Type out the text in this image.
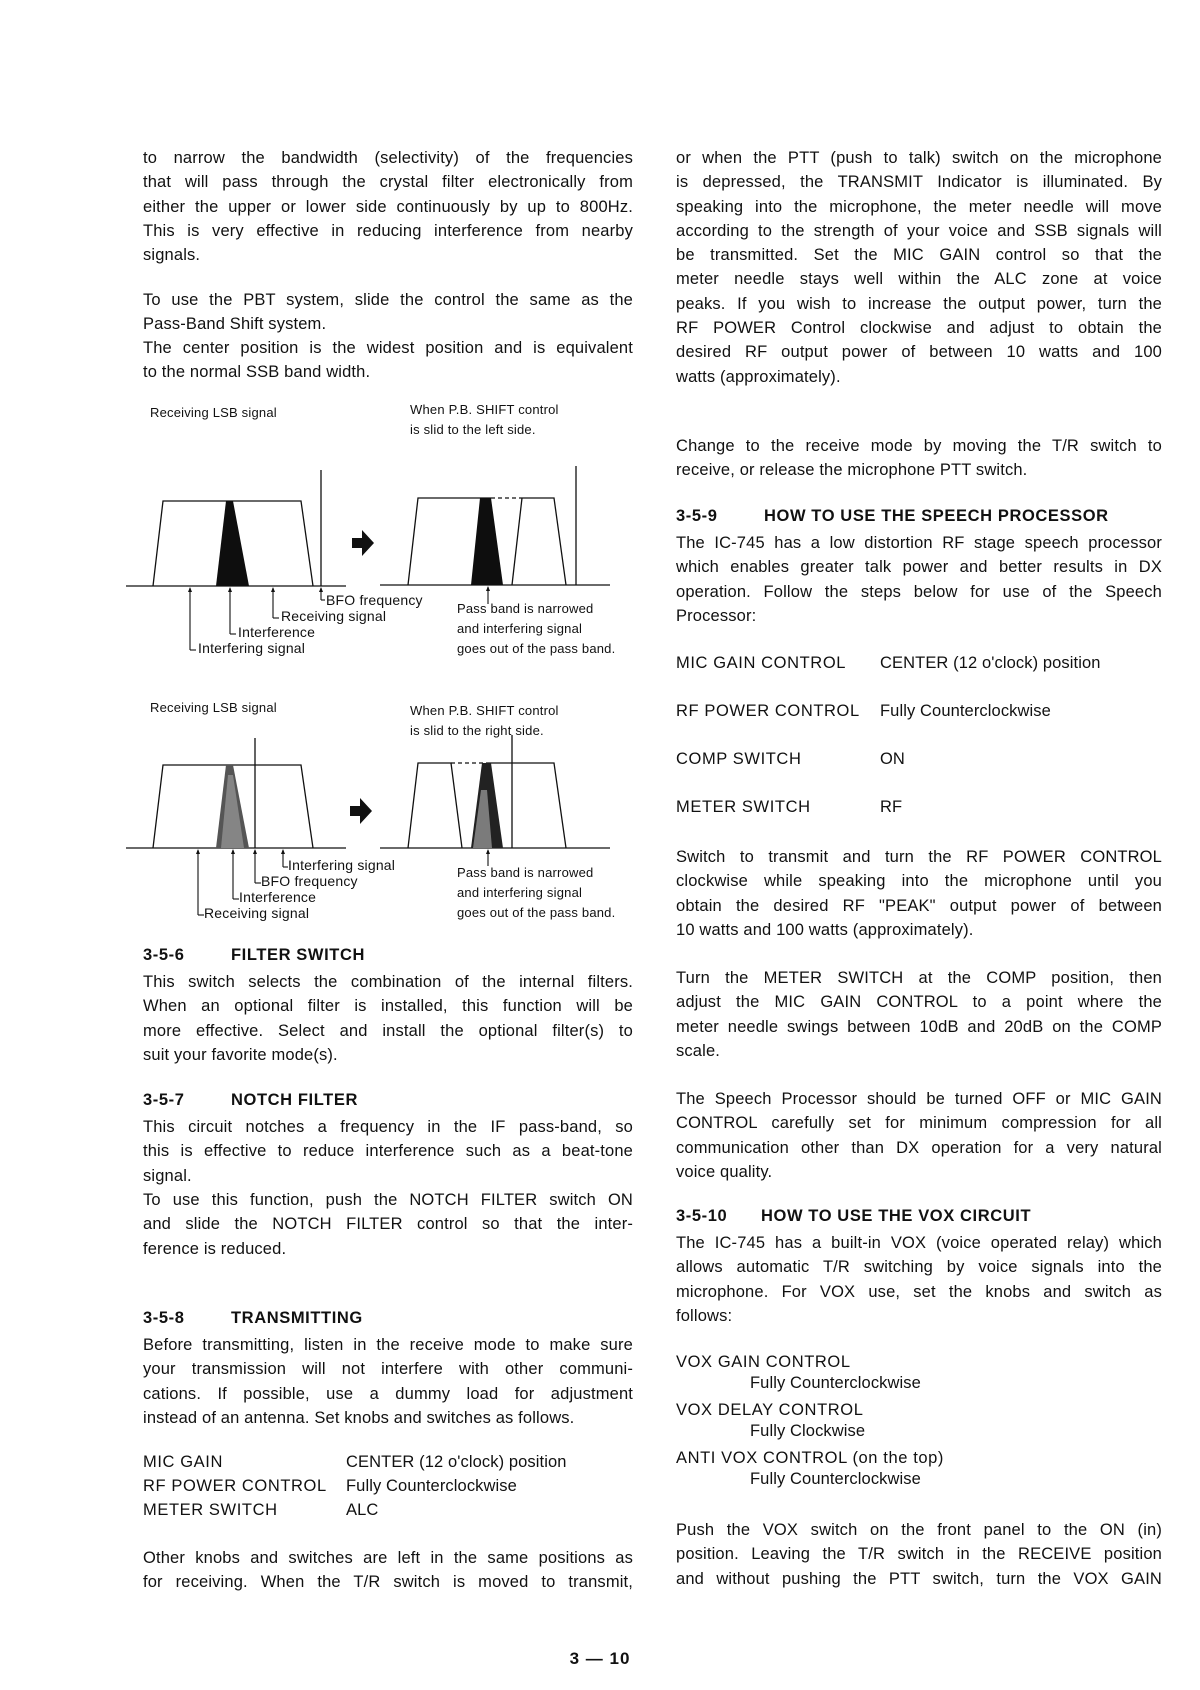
to narrow the bandwidth (selectivity) of the frequencies
that will pass through the crystal filter electronically from
either the upper or lower side continuously by up to 800Hz.
This is very effective in reducing interference from nearby
signals.

To use the PBT system, slide the control the same as the
Pass-Band Shift system.

The center position is the widest position and is equivalent
to the normal SSB band width.

Receiving LSB signal	When P.B. SHIFT control
is slid to the left side.
BFO frequency
Receiving signal
Interference
Interfering signal
Pass band is narrowed
and interfering signal
goes out of the pass band.
Receiving LSB signal	When P.B. SHIFT control
is slid to the right side.
Interfering signal
BFO frequency
Interference
Receiving signal
Pass band is narrowed
and interfering signal
goes out of the pass band.
3-5-6	FILTER SWITCH

This switch selects the combination of the internal filters.
When an optional filter is installed, this function will be
more effective. Select and install the optional filter(s) to
suit your favorite mode(s).

3-5-7	NOTCH FILTER

This circuit notches a frequency in the IF pass-band, so
this is effective to reduce interference such as a beat-tone
signal.

To use this function, push the NOTCH FILTER switch ON
and slide the NOTCH FILTER control so that the inter-
ference is reduced.

3-5-8	TRANSMITTING

Before transmitting, listen in the receive mode to make sure
your transmission will not interfere with other communi-
cations. If possible, use a dummy load for adjustment
instead of an antenna. Set knobs and switches as follows.

MIC GAIN	CENTER (12 o'clock) position
RF POWER CONTROL Fully Counterclockwise
METER SWITCH	ALC

Other knobs and switches are left in the same positions as
for receiving. When the T/R switch is moved to transmit,

or when the PTT (push to talk) switch on the microphone
is depressed, the TRANSMIT Indicator is illuminated. By
speaking into the microphone, the meter needle will move
according to the strength of your voice and SSB signals will
be transmitted. Set the MIC GAIN control so that the
meter needle stays well within the ALC zone at voice
peaks. If you wish to increase the output power, turn the
RF POWER Control clockwise and adjust to obtain the
desired RF output power of between 10 watts and 100
watts (approximately).

Change to the receive mode by moving the T/R switch to
receive, or release the microphone PTT switch.

3-5-9	HOW TO USE THE SPEECH PROCESSOR

The IC-745 has a low distortion RF stage speech processor
which enables greater talk power and better results in DX
operation. Follow the steps below for use of the Speech
Processor:

MIC GAIN CONTROL CENTER (12 o'clock) position
RF POWER CONTROL Fully Counterclockwise
COMP SWITCH	ON
METER SWITCH	RF

Switch to transmit and turn the RF POWER CONTROL
clockwise while speaking into the microphone until you
obtain the desired RF "PEAK" output power of between
10 watts and 100 watts (approximately).

Turn the METER SWITCH at the COMP position, then
adjust the MIC GAIN CONTROL to a point where the
meter needle swings between 10dB and 20dB on the COMP
scale.

The Speech Processor should be turned OFF or MIC GAIN
CONTROL carefully set for minimum compression for all
communication other than DX operation for a very natural
voice quality.

3-5-10 HOW TO USE THE VOX CIRCUIT

The IC-745 has a built-in VOX (voice operated relay) which
allows automatic T/R switching by voice signals into the
microphone. For VOX use, set the knobs and switch as
follows:

VOX GAIN CONTROL
Fully Counterclockwise
VOX DELAY CONTROL
Fully Clockwise
ANTI VOX CONTROL (on the top)
Fully Counterclockwise

Push the VOX switch on the front panel to the ON (in)
position. Leaving the T/R switch in the RECEIVE position
and without pushing the PTT switch, turn the VOX GAIN

3 — 10
